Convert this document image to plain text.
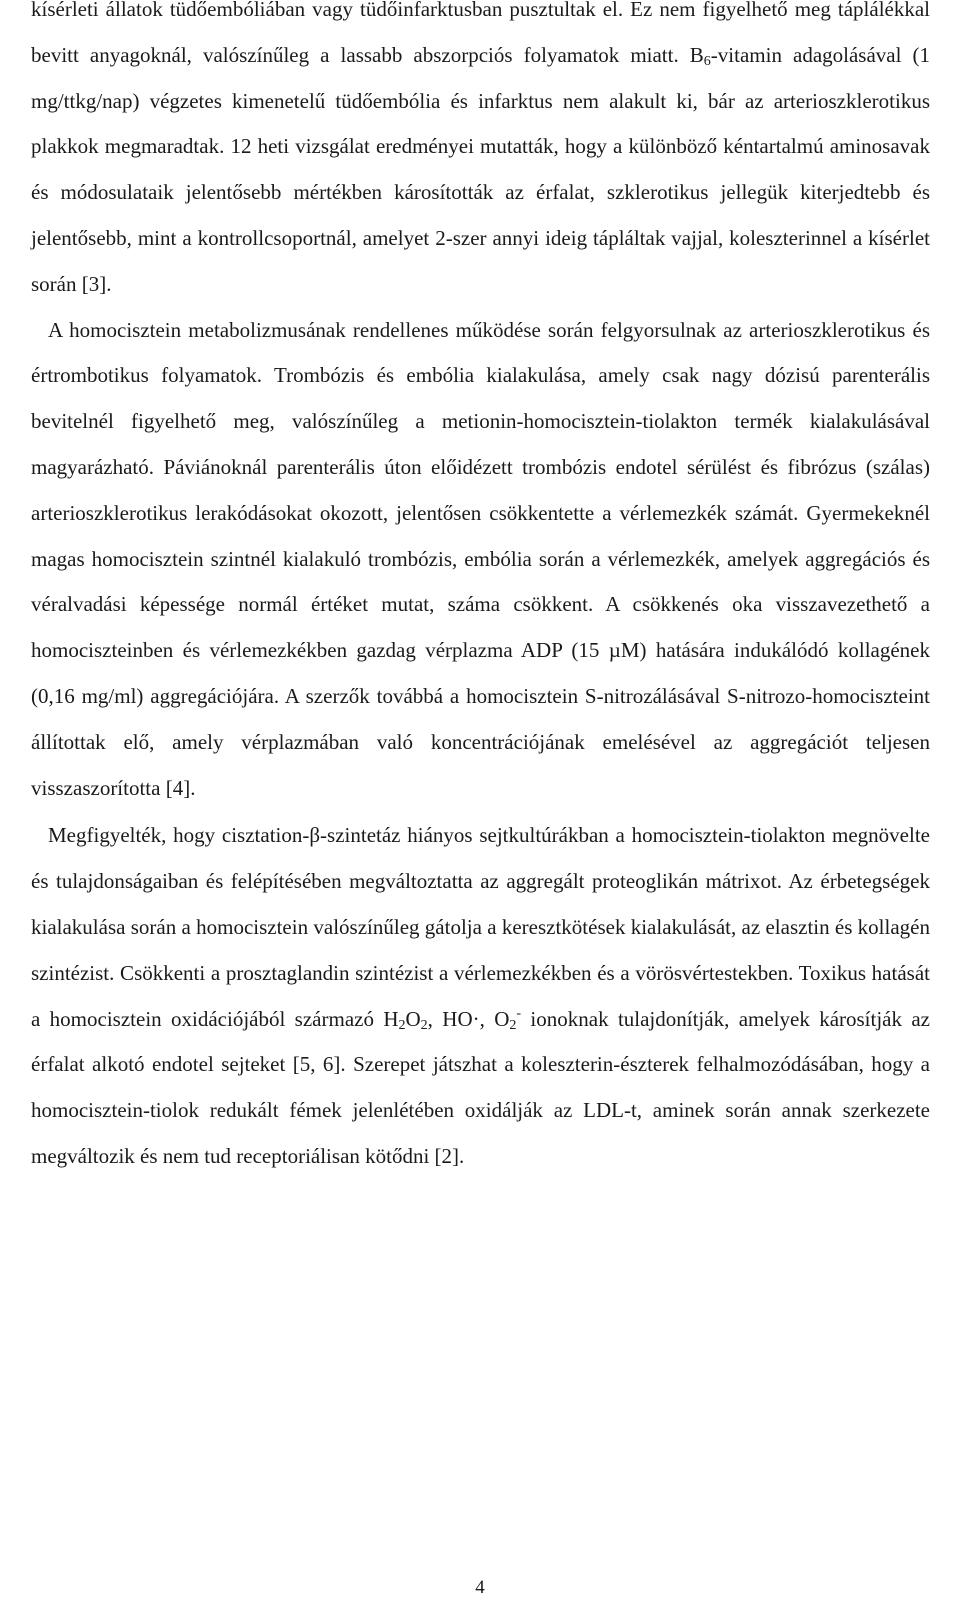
kísérleti állatok tüdőembóliában vagy tüdőinfarktusban pusztultak el. Ez nem figyelhető meg táplálékkal bevitt anyagoknál, valószínűleg a lassabb abszorpciós folyamatok miatt. $B_6$-vitamin adagolásával (1 mg/ttkg/nap) végzetes kimenetelű tüdőembólia és infarktus nem alakult ki, bár az arterioszklerotikus plakkok megmaradtak. 12 heti vizsgálat eredményei mutatták, hogy a különböző kéntartalmú aminosavak és módosulataik jelentősebb mértékben károsították az érfalat, szklerotikus jellegük kiterjedtebb és jelentősebb, mint a kontrollcsoportnál, amelyet 2-szer annyi ideig tápláltak vajjal, koleszterinnel a kísérlet során [3].

A homocisztein metabolizmusának rendellenes működése során felgyorsulnak az arterioszklerotikus és értrombotikus folyamatok. Trombózis és embólia kialakulása, amely csak nagy dózisú parenterális bevitelnél figyelhető meg, valószínűleg a metionin-homocisztein-tiolakton termék kialakulásával magyarázható. Páviánoknál parenterális úton előidézett trombózis endotel sérülést és fibrózus (szálas) arterioszklerotikus lerakódásokat okozott, jelentősen csökkentette a vérlemezkék számát. Gyermekeknél magas homocisztein szintnél kialakuló trombózis, embólia során a vérlemezkék, amelyek aggregációs és véralvadási képessége normál értéket mutat, száma csökkent. A csökkenés oka visszavezethető a homociszteinben és vérlemezkékben gazdag vérplazma ADP (15 µM) hatására indukálódó kollagének (0,16 mg/ml) aggregációjára. A szerzők továbbá a homocisztein S-nitrozálásával S-nitrozo-homociszteint állítottak elő, amely vérplazmában való koncentrációjának emelésével az aggregációt teljesen visszaszorította [4].

Megfigyelték, hogy cisztation-β-szintetáz hiányos sejtkultúrákban a homocisztein-tiolakton megnövelte és tulajdonságaiban és felépítésében megváltoztatta az aggregált proteoglikán mátrixot. Az érbetegségek kialakulása során a homocisztein valószínűleg gátolja a keresztkötések kialakulását, az elasztin és kollagén szintézist. Csökkenti a prosztaglandin szintézist a vérlemezkékben és a vörösvértestekben. Toxikus hatását a homocisztein oxidációjából származó $H_2O_2$, HO·, $O_2^-$ ionoknak tulajdonítják, amelyek károsítják az érfalat alkotó endotel sejteket [5, 6]. Szerepet játszhat a koleszterin-észterek felhalmozódásában, hogy a homocisztein-tiolok redukált fémek jelenlétében oxidálják az LDL-t, aminek során annak szerkezete megváltozik és nem tud receptoriálisan kötődni [2].

4
